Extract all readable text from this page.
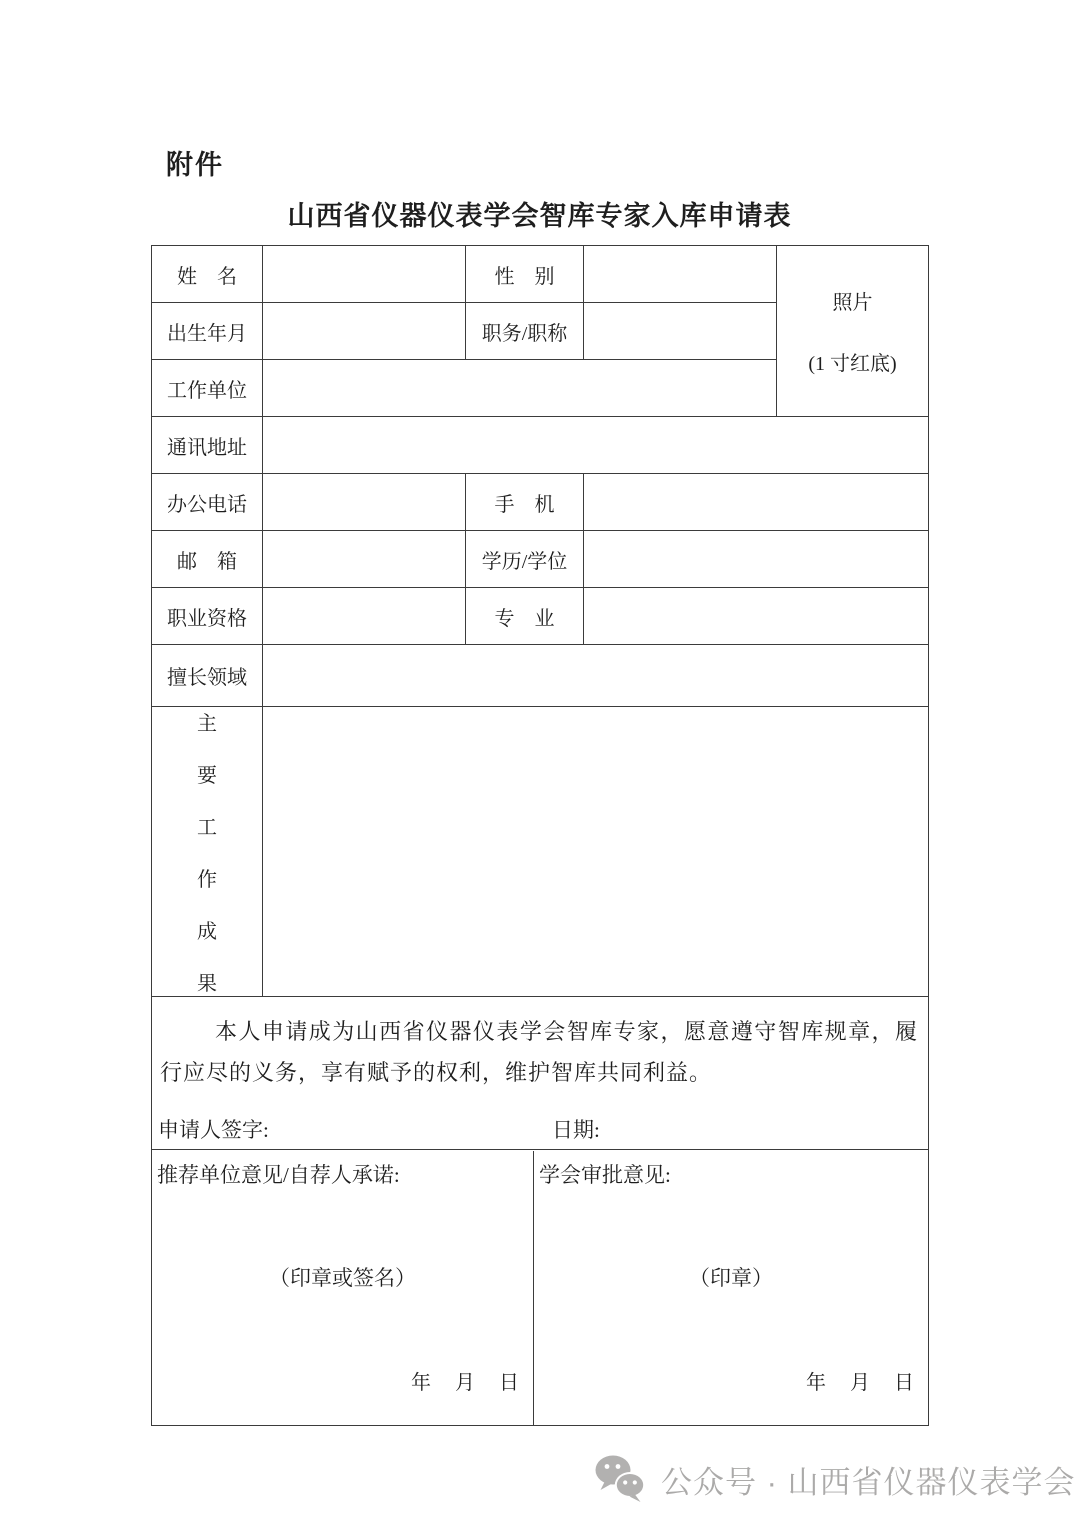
附件
山西省仪器仪表学会智库专家入库申请表
姓　名		性　别		照片
(1 寸红底)

出生年月		职务/职称		
工作单位				
通讯地址				
办公电话		手　机		
邮　箱		学历/学位		
职业资格		专　业		
擅长领域				

主
要
工
作
成
果

本人申请成为山西省仪器仪表学会智库专家，愿意遵守智库规章，履行应尽的义务，享有赋予的权利，维护智库共同利益。
申请人签字: 日期:				

推荐单位意见/自荐人承诺:
（印章或签名）
年　月　日
学会审批意见:
（印章）
年　月　日
公众号 · 山西省仪器仪表学会
